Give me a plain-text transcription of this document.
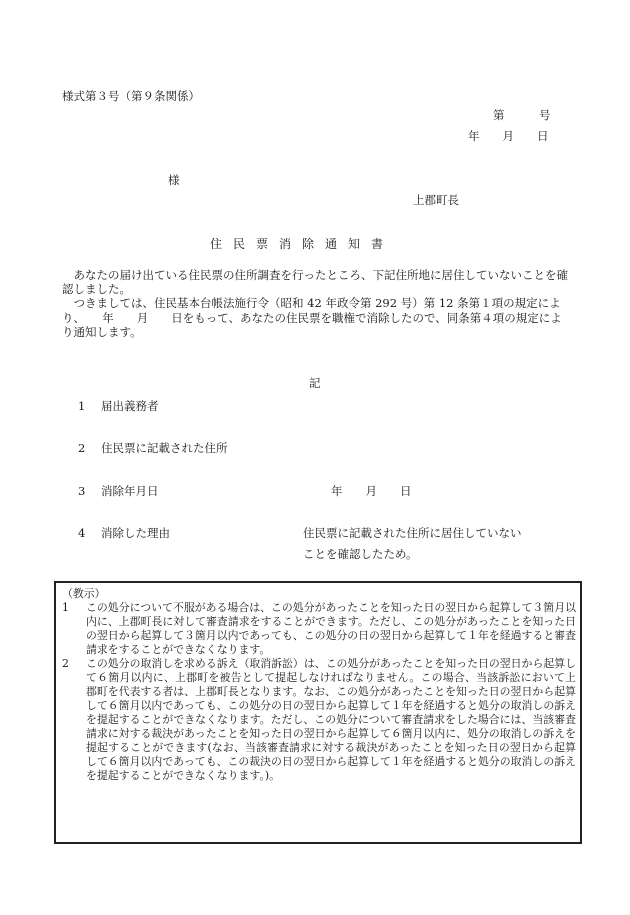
様式第３号（第９条関係）
第　　　号
年　　月　　日
様
上郡町長
住民票消除通知書

あなたの届け出ている住民票の住所調査を行ったところ、下記住所地に居住していないことを確認しました。

つきましては、住民基本台帳法施行令（昭和 42 年政令第 292 号）第 12 条第１項の規定により、　　年　　月　　日をもって、あなたの住民票を職権で消除したので、同条第４項の規定により通知します。

記
1 届出義務者
2 住民票に記載された住所
3 消除年月日	年　　月　　日
4 消除した理由	住民票に記載された住所に居住していない
ことを確認したため。
（教示）
1	この処分について不服がある場合は、この処分があったことを知った日の翌日から起算して３箇月以内に、上郡町長に対して審査請求をすることができます。ただし、この処分があったことを知った日の翌日から起算して３箇月以内であっても、この処分の日の翌日から起算して１年を経過すると審査請求をすることができなくなります。
2	この処分の取消しを求める訴え（取消訴訟）は、この処分があったことを知った日の翌日から起算して６箇月以内に、上郡町を被告として提起しなければなりません。この場合、当該訴訟において上郡町を代表する者は、上郡町長となります。なお、この処分があったことを知った日の翌日から起算して６箇月以内であっても、この処分の日の翌日から起算して１年を経過すると処分の取消しの訴えを提起することができなくなります。ただし、この処分について審査請求をした場合には、当該審査請求に対する裁決があったことを知った日の翌日から起算して６箇月以内に、処分の取消しの訴えを提起することができます(なお、当該審査請求に対する裁決があったことを知った日の翌日から起算して６箇月以内であっても、この裁決の日の翌日から起算して１年を経過すると処分の取消しの訴えを提起することができなくなります。)。
